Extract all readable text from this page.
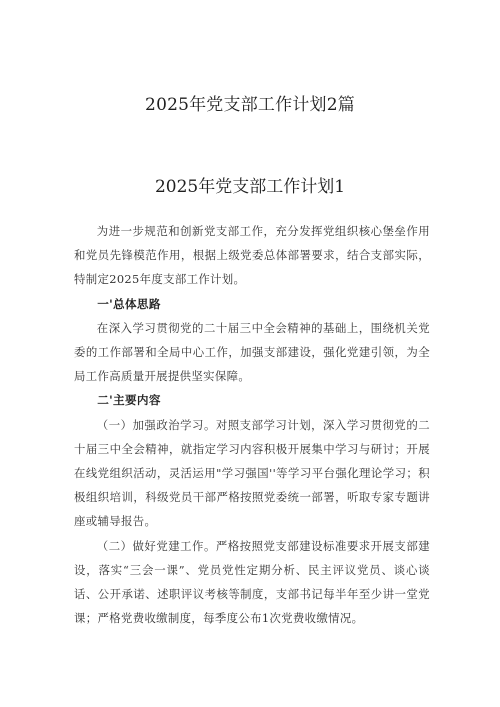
2025年党支部工作计划2篇
2025年党支部工作计划1

为进一步规范和创新党支部工作，充分发挥党组织核心堡垒作用和党员先锋模范作用，根据上级党委总体部署要求，结合支部实际，特制定2025年度支部工作计划。

一'总体思路

在深入学习贯彻党的二十届三中全会精神的基础上，围绕机关党委的工作部署和全局中心工作，加强支部建设，强化党建引领，为全局工作高质量开展提供坚实保障。

二'主要内容

（一）加强政治学习。对照支部学习计划，深入学习贯彻党的二十届三中全会精神，就指定学习内容积极开展集中学习与研讨；开展在线党组织活动，灵活运用"学习强国''等学习平台强化理论学习；积极组织培训，科级党员干部严格按照党委统一部署，听取专家专题讲座或辅导报告。

（二）做好党建工作。严格按照党支部建设标准要求开展支部建设，落实“三会一课”、党员党性定期分析、民主评议党员、谈心谈话、公开承诺、述职评议考核等制度，支部书记每半年至少讲一堂党课；严格党费收缴制度，每季度公布1次党费收缴情况。
